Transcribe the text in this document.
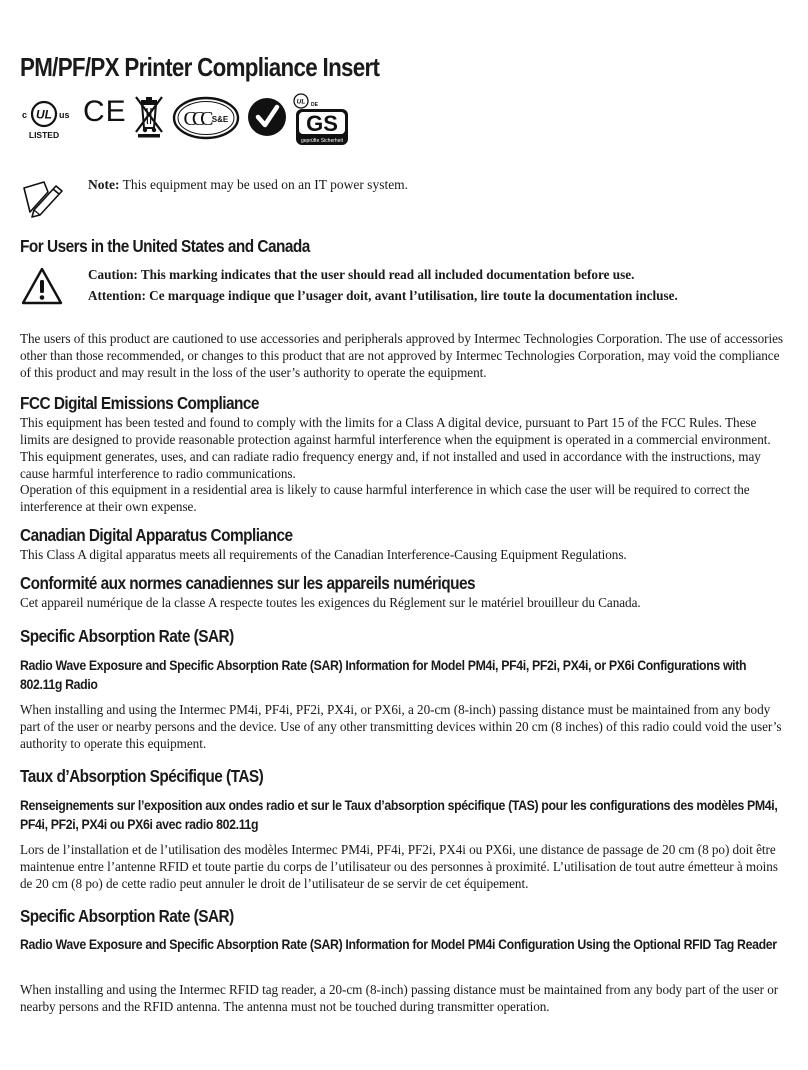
PM/PF/PX Printer Compliance Insert
c UL us
LISTED
CE	CCC S&E
UL DE
GS
geprüfte Sicherheit
Note: This equipment may be used on an IT power system.
For Users in the United States and Canada
Caution: This marking indicates that the user should read all included documentation before use.
Attention: Ce marquage indique que l’usager doit, avant l’utilisation, lire toute la documentation incluse.

The users of this product are cautioned to use accessories and peripherals approved by Intermec Technologies Corporation. The use of accessories other than those recommended, or changes to this product that are not approved by Intermec Technologies Corporation, may void the compliance of this product and may result in the loss of the user’s authority to operate the equipment.

FCC Digital Emissions Compliance

This equipment has been tested and found to comply with the limits for a Class A digital device, pursuant to Part 15 of the FCC Rules. These limits are designed to provide reasonable protection against harmful interference when the equipment is operated in a commercial environment. This equipment generates, uses, and can radiate radio frequency energy and, if not installed and used in accordance with the instructions, may cause harmful interference to radio communications.

Operation of this equipment in a residential area is likely to cause harmful interference in which case the user will be required to correct the interference at their own expense.

Canadian Digital Apparatus Compliance

This Class A digital apparatus meets all requirements of the Canadian Interference-Causing Equipment Regulations.

Conformité aux normes canadiennes sur les appareils numériques

Cet appareil numérique de la classe A respecte toutes les exigences du Réglement sur le matériel brouilleur du Canada.

Specific Absorption Rate (SAR)
Radio Wave Exposure and Specific Absorption Rate (SAR) Information for Model PM4i, PF4i, PF2i, PX4i, or PX6i Configurations with 802.11g Radio

When installing and using the Intermec PM4i, PF4i, PF2i, PX4i, or PX6i, a 20-cm (8-inch) passing distance must be maintained from any body part of the user or nearby persons and the device. Use of any other transmitting devices within 20 cm (8 inches) of this radio could void the user’s authority to operate this equipment.

Taux d’Absorption Spécifique (TAS)
Renseignements sur l’exposition aux ondes radio et sur le Taux d’absorption spécifique (TAS) pour les configurations des modèles PM4i, PF4i, PF2i, PX4i ou PX6i avec radio 802.11g

Lors de l’installation et de l’utilisation des modèles Intermec PM4i, PF4i, PF2i, PX4i ou PX6i, une distance de passage de 20 cm (8 po) doit être maintenue entre l’antenne RFID et toute partie du corps de l’utilisateur ou des personnes à proximité. L’utilisation de tout autre émetteur à moins de 20 cm (8 po) de cette radio peut annuler le droit de l’utilisateur de se servir de cet équipement.

Specific Absorption Rate (SAR)
Radio Wave Exposure and Specific Absorption Rate (SAR) Information for Model PM4i Configuration Using the Optional RFID Tag Reader

When installing and using the Intermec RFID tag reader, a 20-cm (8-inch) passing distance must be maintained from any body part of the user or nearby persons and the RFID antenna. The antenna must not be touched during transmitter operation.
